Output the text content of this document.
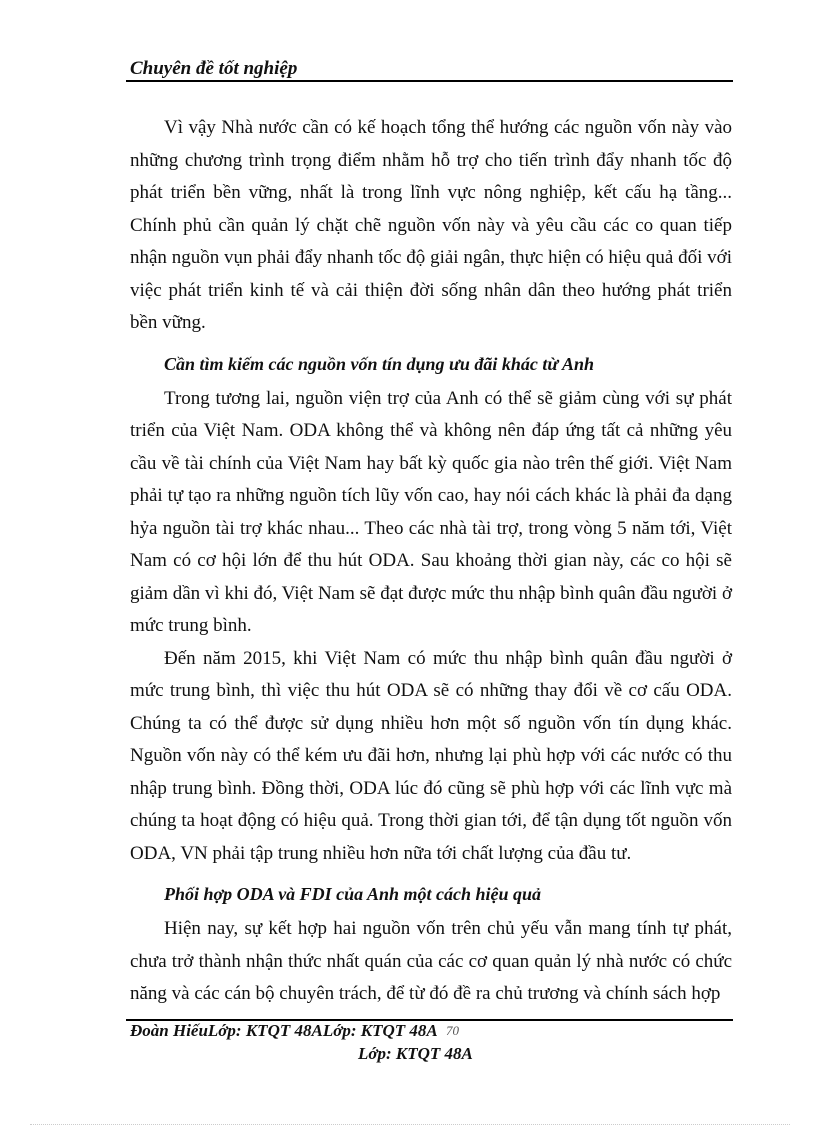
Chuyên đề tốt nghiệp

Vì vậy Nhà nước cần có kế hoạch tổng thể hướng các nguồn vốn này vào những chương trình trọng điểm nhằm hỗ trợ cho tiến trình đẩy nhanh tốc độ phát triển bền vững, nhất là trong lĩnh vực nông nghiệp, kết cấu hạ tầng... Chính phủ cần quản lý chặt chẽ nguồn vốn này và yêu cầu các co quan tiếp nhận nguồn vụn phải đẩy nhanh tốc độ giải ngân, thực hiện có hiệu quả đối với việc phát triển kinh tế và cải thiện đời sống nhân dân theo hướng phát triển bền vững.

Cần tìm kiếm các nguồn vốn tín dụng ưu đãi khác từ Anh

Trong tương lai, nguồn viện trợ của Anh có thể sẽ giảm cùng với sự phát triển của Việt Nam. ODA không thể và không nên đáp ứng tất cả những yêu cầu về tài chính của Việt Nam hay bất kỳ quốc gia nào trên thế giới. Việt Nam phải tự tạo ra những nguồn tích lũy vốn cao, hay nói cách khác là phải đa dạng hỷa nguồn tài trợ khác nhau... Theo các nhà tài trợ, trong vòng 5 năm tới, Việt Nam có cơ hội lớn để thu hút ODA. Sau khoảng thời gian này, các co hội sẽ giảm dần vì khi đó, Việt Nam sẽ đạt được mức thu nhập bình quân đầu người ở mức trung bình.

Đến năm 2015, khi Việt Nam có mức thu nhập bình quân đầu người ở mức trung bình, thì việc thu hút ODA sẽ có những thay đổi về cơ cấu ODA. Chúng ta có thể được sử dụng nhiều hơn một số nguồn vốn tín dụng khác. Nguồn vốn này có thể kém ưu đãi hơn, nhưng lại phù hợp với các nước có thu nhập trung bình. Đồng thời, ODA lúc đó cũng sẽ phù hợp với các lĩnh vực mà chúng ta hoạt động có hiệu quả. Trong thời gian tới, để tận dụng tốt nguồn vốn ODA, VN phải tập trung nhiều hơn nữa tới chất lượng của đầu tư.

Phối hợp ODA và FDI của Anh một cách hiệu quả

Hiện nay, sự kết hợp hai nguồn vốn trên chủ yếu vẫn mang tính tự phát, chưa trở thành nhận thức nhất quán của các cơ quan quản lý nhà nước có chức năng và các cán bộ chuyên trách, để từ đó đề ra chủ trương và chính sách hợp

Đoàn HiếuLớp: KTQT 48ALớp: KTQT 48A 70
Lớp: KTQT 48A
